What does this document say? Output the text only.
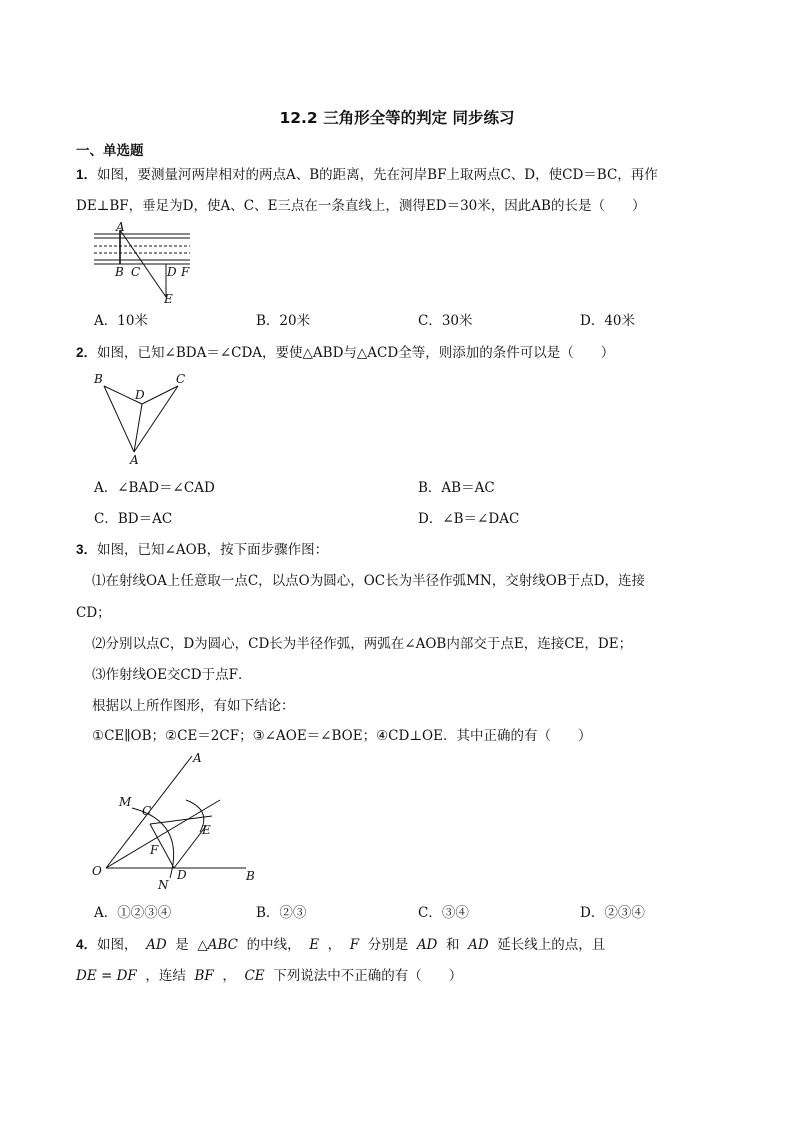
12.2 三角形全等的判定 同步练习
一、单选题
1．如图，要测量河两岸相对的两点A、B的距离，先在河岸BF上取两点C、D，使CD＝BC，再作
DE⊥BF，垂足为D，使A、C、E三点在一条直线上，测得ED＝30米，因此AB的长是（　　）
A
B C D F
E
A．10米	B．20米	C．30米	D．40米
2．如图，已知∠BDA＝∠CDA，要使△ABD与△ACD全等，则添加的条件可以是（　　）
B
D
C
A
A．∠BAD＝∠CAD	B．AB＝AC
C．BD＝AC	D．∠B＝∠DAC
3．如图，已知∠AOB，按下面步骤作图：
⑴在射线OA上任意取一点C，以点O为圆心，OC长为半径作弧MN，交射线OB于点D，连接
CD；
⑵分别以点C，D为圆心，CD长为半径作弧，两弧在∠AOB内部交于点E，连接CE，DE；
⑶作射线OE交CD于点F．
根据以上所作图形，有如下结论：
①CE∥OB；②CE＝2CF；③∠AOE＝∠BOE；④CD⊥OE．其中正确的有（　　）
A
M
C
E
F
O	D
N
B
A．①②③④	B．②③	C．③④	D．②③④
4．如图， AD 是 △ABC 的中线， E ， F 分别是 AD 和 AD 延长线上的点，且
DE = DF ，连结 BF ， CE 下列说法中不正确的有（　　）
